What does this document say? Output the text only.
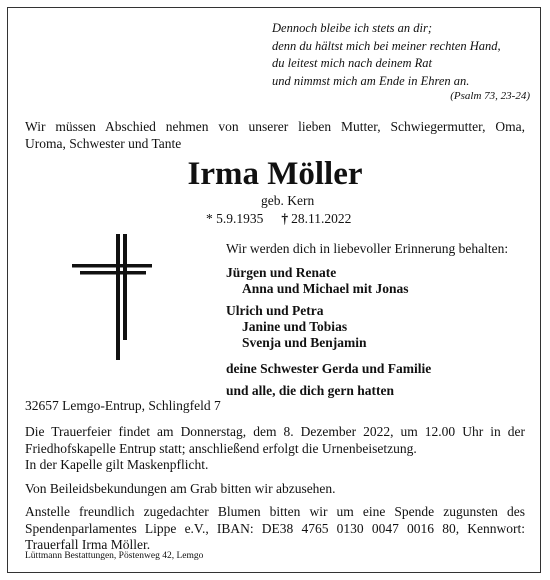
Dennoch bleibe ich stets an dir;
denn du hältst mich bei meiner rechten Hand,
du leitest mich nach deinem Rat
und nimmst mich am Ende in Ehren an.
(Psalm 73, 23-24)
Wir müssen Abschied nehmen von unserer lieben Mutter, Schwiegermutter, Oma,
Uroma, Schwester und Tante
Irma Möller
geb. Kern
* 5.9.1935 † 28.11.2022
Wir werden dich in liebevoller Erinnerung behalten:
Jürgen und Renate
Anna und Michael mit Jonas
Ulrich und Petra
Janine und Tobias
Svenja und Benjamin
deine Schwester Gerda und Familie
und alle, die dich gern hatten
32657 Lemgo-Entrup, Schlingfeld 7

Die Trauerfeier findet am Donnerstag, dem 8. Dezember 2022, um 12.00 Uhr in der Friedhofskapelle Entrup statt; anschließend erfolgt die Urnenbeisetzung.
In der Kapelle gilt Maskenpflicht.

Von Beileidsbekundungen am Grab bitten wir abzusehen.

Anstelle freundlich zugedachter Blumen bitten wir um eine Spende zugunsten des Spendenparlamentes Lippe e.V., IBAN: DE38 4765 0130 0047 0016 80, Kennwort: Trauerfall Irma Möller.

Lüttmann Bestattungen, Pöstenweg 42, Lemgo
